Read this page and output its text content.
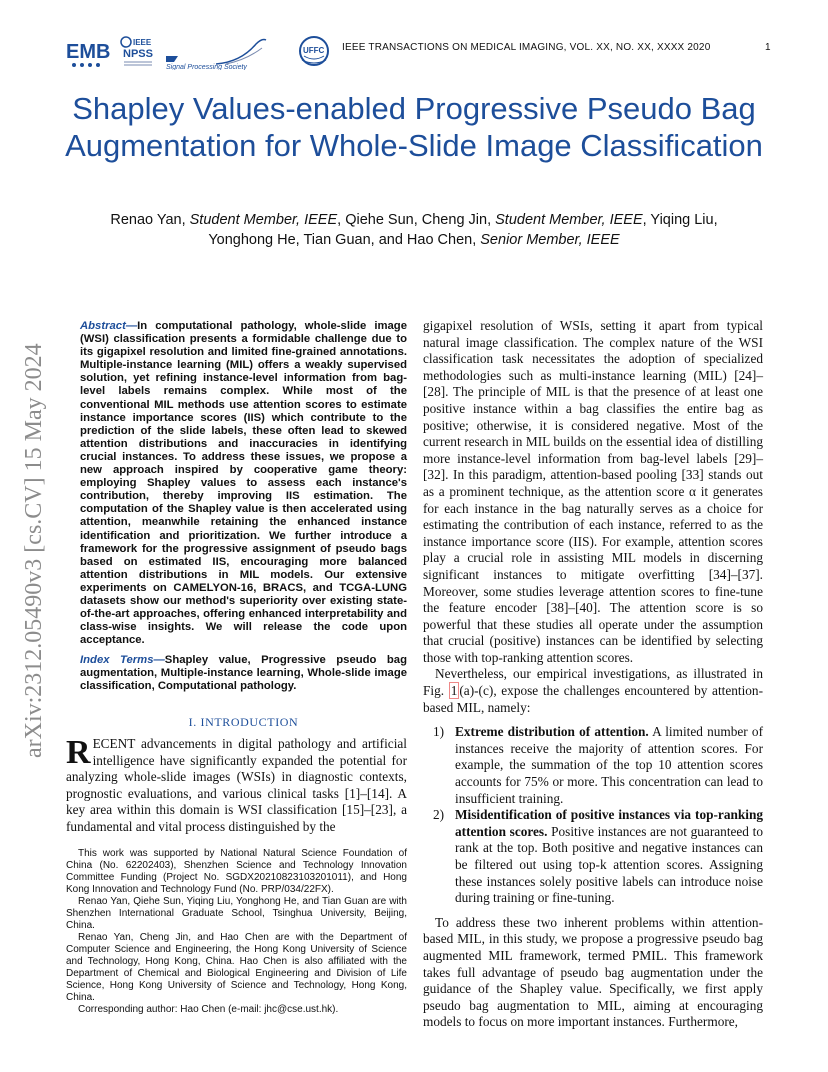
EMB	IEEE
NPSS
Signal Processing Society
UFFC IEEE TRANSACTIONS ON MEDICAL IMAGING, VOL. XX, NO. XX, XXXX 2020	1
Shapley Values-enabled Progressive Pseudo Bag Augmentation for Whole-Slide Image Classification
Renao Yan, Student Member, IEEE, Qiehe Sun, Cheng Jin, Student Member, IEEE, Yiqing Liu,
Yonghong He, Tian Guan, and Hao Chen, Senior Member, IEEE
arXiv:2312.05490v3 [cs.CV] 15 May 2024
Abstract—In computational pathology, whole-slide image (WSI) classification presents a formidable challenge due to its gigapixel resolution and limited fine-grained annotations. Multiple-instance learning (MIL) offers a weakly supervised solution, yet refining instance-level information from bag-level labels remains complex. While most of the conventional MIL methods use attention scores to estimate instance importance scores (IIS) which contribute to the prediction of the slide labels, these often lead to skewed attention distributions and inaccuracies in identifying crucial instances. To address these issues, we propose a new approach inspired by cooperative game theory: employing Shapley values to assess each instance's contribution, thereby improving IIS estimation. The computation of the Shapley value is then accelerated using attention, meanwhile retaining the enhanced instance identification and prioritization. We further introduce a framework for the progressive assignment of pseudo bags based on estimated IIS, encouraging more balanced attention distributions in MIL models. Our extensive experiments on CAMELYON-16, BRACS, and TCGA-LUNG datasets show our method's superiority over existing state-of-the-art approaches, offering enhanced interpretability and class-wise insights. We will release the code upon acceptance.
Index Terms—Shapley value, Progressive pseudo bag augmentation, Multiple-instance learning, Whole-slide image classification, Computational pathology.
I. INTRODUCTION
RECENT advancements in digital pathology and artificial intelligence have significantly expanded the potential for analyzing whole-slide images (WSIs) in diagnostic contexts, prognostic evaluations, and various clinical tasks [1]–[14]. A key area within this domain is WSI classification [15]–[23], a fundamental and vital process distinguished by the

This work was supported by National Natural Science Foundation of China (No. 62202403), Shenzhen Science and Technology Innovation Committee Funding (Project No. SGDX20210823103201011), and Hong Kong Innovation and Technology Fund (No. PRP/034/22FX).

Renao Yan, Qiehe Sun, Yiqing Liu, Yonghong He, and Tian Guan are with Shenzhen International Graduate School, Tsinghua University, Beijing, China.

Renao Yan, Cheng Jin, and Hao Chen are with the Department of Computer Science and Engineering, the Hong Kong University of Science and Technology, Hong Kong, China. Hao Chen is also affiliated with the Department of Chemical and Biological Engineering and Division of Life Science, Hong Kong University of Science and Technology, Hong Kong, China.

Corresponding author: Hao Chen (e-mail: jhc@cse.ust.hk).

gigapixel resolution of WSIs, setting it apart from typical natural image classification. The complex nature of the WSI classification task necessitates the adoption of specialized methodologies such as multi-instance learning (MIL) [24]–[28]. The principle of MIL is that the presence of at least one positive instance within a bag classifies the entire bag as positive; otherwise, it is considered negative. Most of the current research in MIL builds on the essential idea of distilling more instance-level information from bag-level labels [29]–[32]. In this paradigm, attention-based pooling [33] stands out as a prominent technique, as the attention score α it generates for each instance in the bag naturally serves as a choice for estimating the contribution of each instance, referred to as the instance importance score (IIS). For example, attention scores play a crucial role in assisting MIL models in discerning significant instances to mitigate overfitting [34]–[37]. Moreover, some studies leverage attention scores to fine-tune the feature encoder [38]–[40]. The attention score is so powerful that these studies all operate under the assumption that crucial (positive) instances can be identified by selecting those with top-ranking attention scores.

Nevertheless, our empirical investigations, as illustrated in Fig. 1 (a)-(c), expose the challenges encountered by attention-based MIL, namely:

1) Extreme distribution of attention. A limited number of instances receive the majority of attention scores. For example, the summation of the top 10 attention scores accounts for 75% or more. This concentration can lead to insufficient training.
2) Misidentification of positive instances via top-ranking attention scores. Positive instances are not guaranteed to rank at the top. Both positive and negative instances can be filtered out using top-k attention scores. Assigning these instances solely positive labels can introduce noise during training or fine-tuning.

To address these two inherent problems within attention-based MIL, in this study, we propose a progressive pseudo bag augmented MIL framework, termed PMIL. This framework takes full advantage of pseudo bag augmentation under the guidance of the Shapley value. Specifically, we first apply pseudo bag augmentation to MIL, aiming at encouraging models to focus on more important instances. Furthermore,
